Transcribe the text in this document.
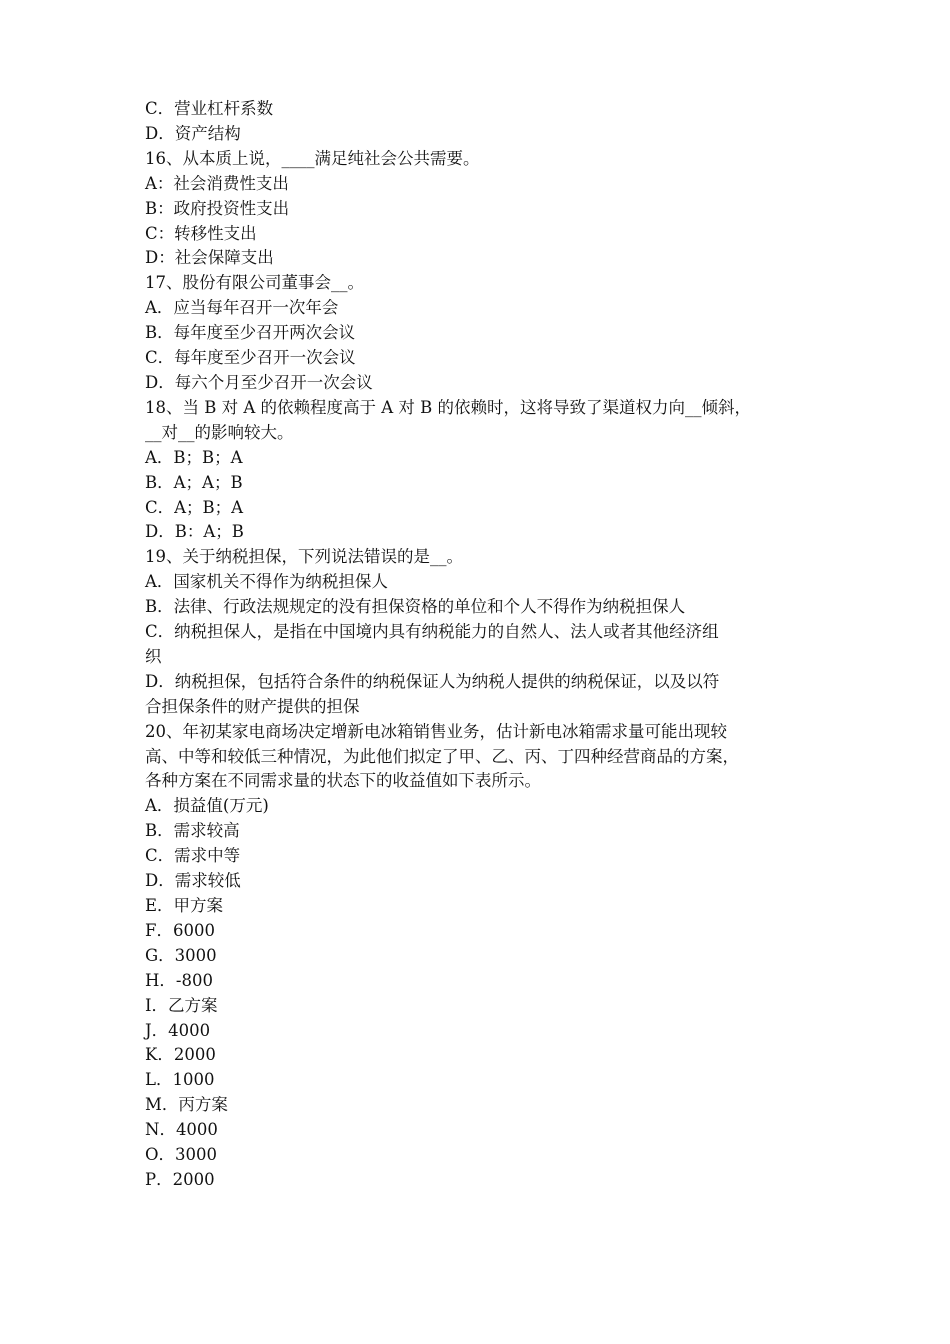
C．营业杠杆系数
D．资产结构
16、从本质上说，____满足纯社会公共需要。
A：社会消费性支出
B：政府投资性支出
C：转移性支出
D：社会保障支出
17、股份有限公司董事会__。
A．应当每年召开一次年会
B．每年度至少召开两次会议
C．每年度至少召开一次会议
D．每六个月至少召开一次会议
18、当 B 对 A 的依赖程度高于 A 对 B 的依赖时，这将导致了渠道权力向__倾斜，
__对__的影响较大。
A．B；B；A
B．A；A；B
C．A；B；A
D．B：A；B
19、关于纳税担保，下列说法错误的是__。
A．国家机关不得作为纳税担保人
B．法律、行政法规规定的没有担保资格的单位和个人不得作为纳税担保人
C．纳税担保人，是指在中国境内具有纳税能力的自然人、法人或者其他经济组
织
D．纳税担保，包括符合条件的纳税保证人为纳税人提供的纳税保证，以及以符
合担保条件的财产提供的担保
20、年初某家电商场决定增新电冰箱销售业务，估计新电冰箱需求量可能出现较
高、中等和较低三种情况，为此他们拟定了甲、乙、丙、丁四种经营商品的方案，
各种方案在不同需求量的状态下的收益值如下表所示。
A．损益值(万元)
B．需求较高
C．需求中等
D．需求较低
E．甲方案
F．6000
G．3000
H．-800
I．乙方案
J．4000
K．2000
L．1000
M．丙方案
N．4000
O．3000
P．2000
